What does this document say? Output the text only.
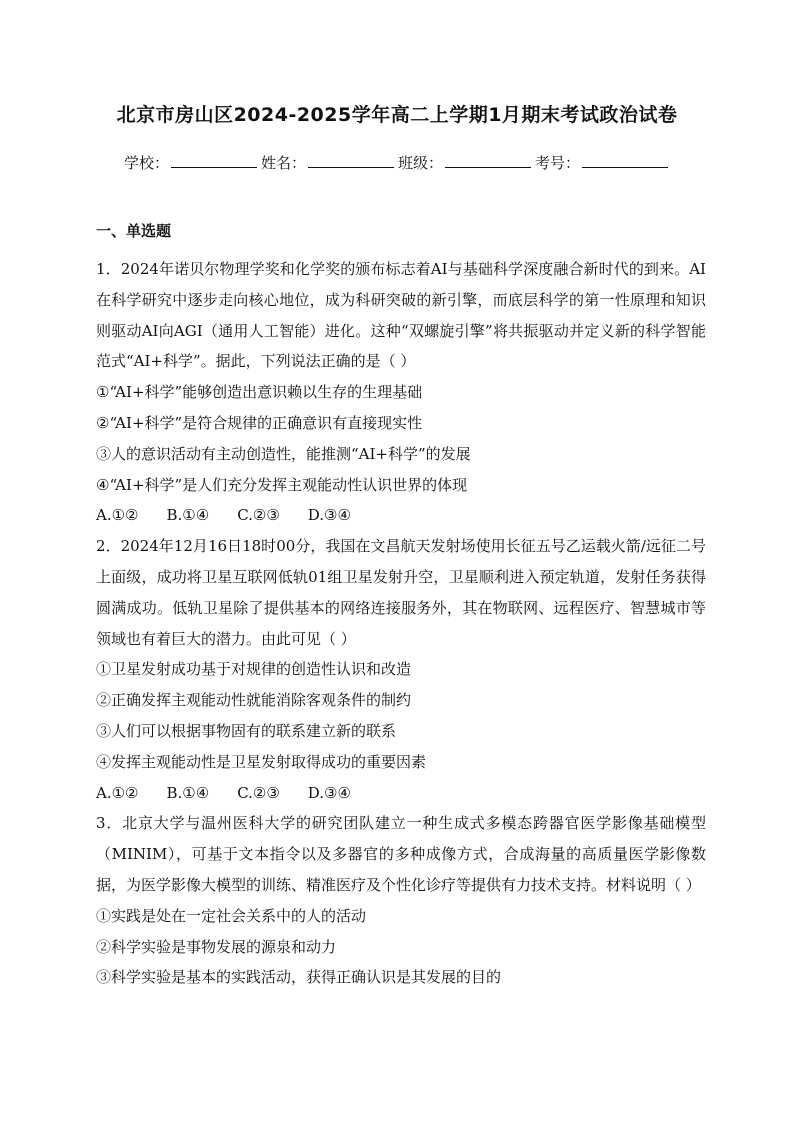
北京市房山区2024-2025学年高二上学期1月期末考试政治试卷
学校：	姓名：	班级：	考号：
一、单选题

1．2024年诺贝尔物理学奖和化学奖的颁布标志着AI与基础科学深度融合新时代的到来。AI在科学研究中逐步走向核心地位，成为科研突破的新引擎，而底层科学的第一性原理和知识则驱动AI向AGI（通用人工智能）进化。这种“双螺旋引擎”将共振驱动并定义新的科学智能范式“AI+科学”。据此，下列说法正确的是（ ）

①“AI+科学”能够创造出意识赖以生存的生理基础

②“AI+科学”是符合规律的正确意识有直接现实性

③人的意识活动有主动创造性，能推测“AI+科学”的发展

④“AI+科学”是人们充分发挥主观能动性认识世界的体现

A.①② B.①④ C.②③ D.③④

2．2024年12月16日18时00分，我国在文昌航天发射场使用长征五号乙运载火箭/远征二号上面级，成功将卫星互联网低轨01组卫星发射升空，卫星顺利进入预定轨道，发射任务获得圆满成功。低轨卫星除了提供基本的网络连接服务外，其在物联网、远程医疗、智慧城市等领域也有着巨大的潜力。由此可见（ ）

①卫星发射成功基于对规律的创造性认识和改造

②正确发挥主观能动性就能消除客观条件的制约

③人们可以根据事物固有的联系建立新的联系

④发挥主观能动性是卫星发射取得成功的重要因素

A.①② B.①④ C.②③ D.③④

3．北京大学与温州医科大学的研究团队建立一种生成式多模态跨器官医学影像基础模型（MINIM），可基于文本指令以及多器官的多种成像方式，合成海量的高质量医学影像数据，为医学影像大模型的训练、精准医疗及个性化诊疗等提供有力技术支持。材料说明（ ）

①实践是处在一定社会关系中的人的活动

②科学实验是事物发展的源泉和动力

③科学实验是基本的实践活动，获得正确认识是其发展的目的
